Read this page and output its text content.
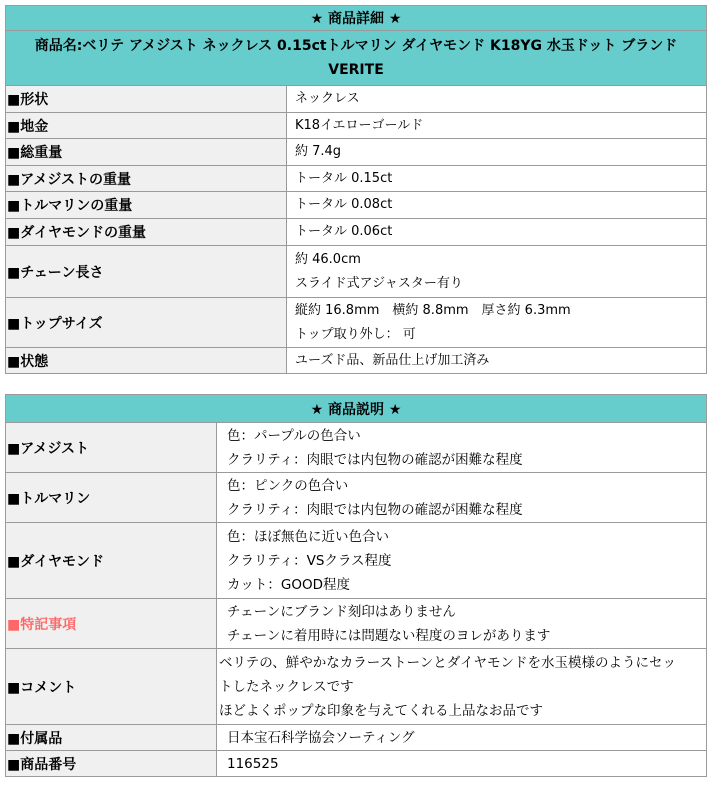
★ 商品詳細 ★	
商品名:ベリテ アメジスト ネックレス 0.15ctトルマリン ダイヤモンド K18YG 水玉ドット ブランド VERITE	
■形状	ネックレス

■地金	K18イエローゴールド

■総重量	約 7.4g

■アメジストの重量	トータル 0.15ct

■トルマリンの重量	トータル 0.08ct

■ダイヤモンドの重量	トータル 0.06ct

■チェーン長さ	約 46.0cm
スライド式アジャスター有り

■トップサイズ	縦約 16.8mm　横約 8.8mm　厚さ約 6.3mm
トップ取り外し： 可

■状態	ユーズド品、新品仕上げ加工済み
★ 商品説明 ★	
■アメジスト	色：パープルの色合い
クラリティ：肉眼では内包物の確認が困難な程度

■トルマリン	色：ピンクの色合い
クラリティ：肉眼では内包物の確認が困難な程度

■ダイヤモンド	色：ほぼ無色に近い色合い
クラリティ：VSクラス程度
カット：GOOD程度

■特記事項	チェーンにブランド刻印はありません
チェーンに着用時には問題ない程度のヨレがあります

■コメント	ベリテの、鮮やかなカラーストーンとダイヤモンドを水玉模様のようにセッ
トしたネックレスです
ほどよくポップな印象を与えてくれる上品なお品です

■付属品	日本宝石科学協会ソーティング

■商品番号	116525
